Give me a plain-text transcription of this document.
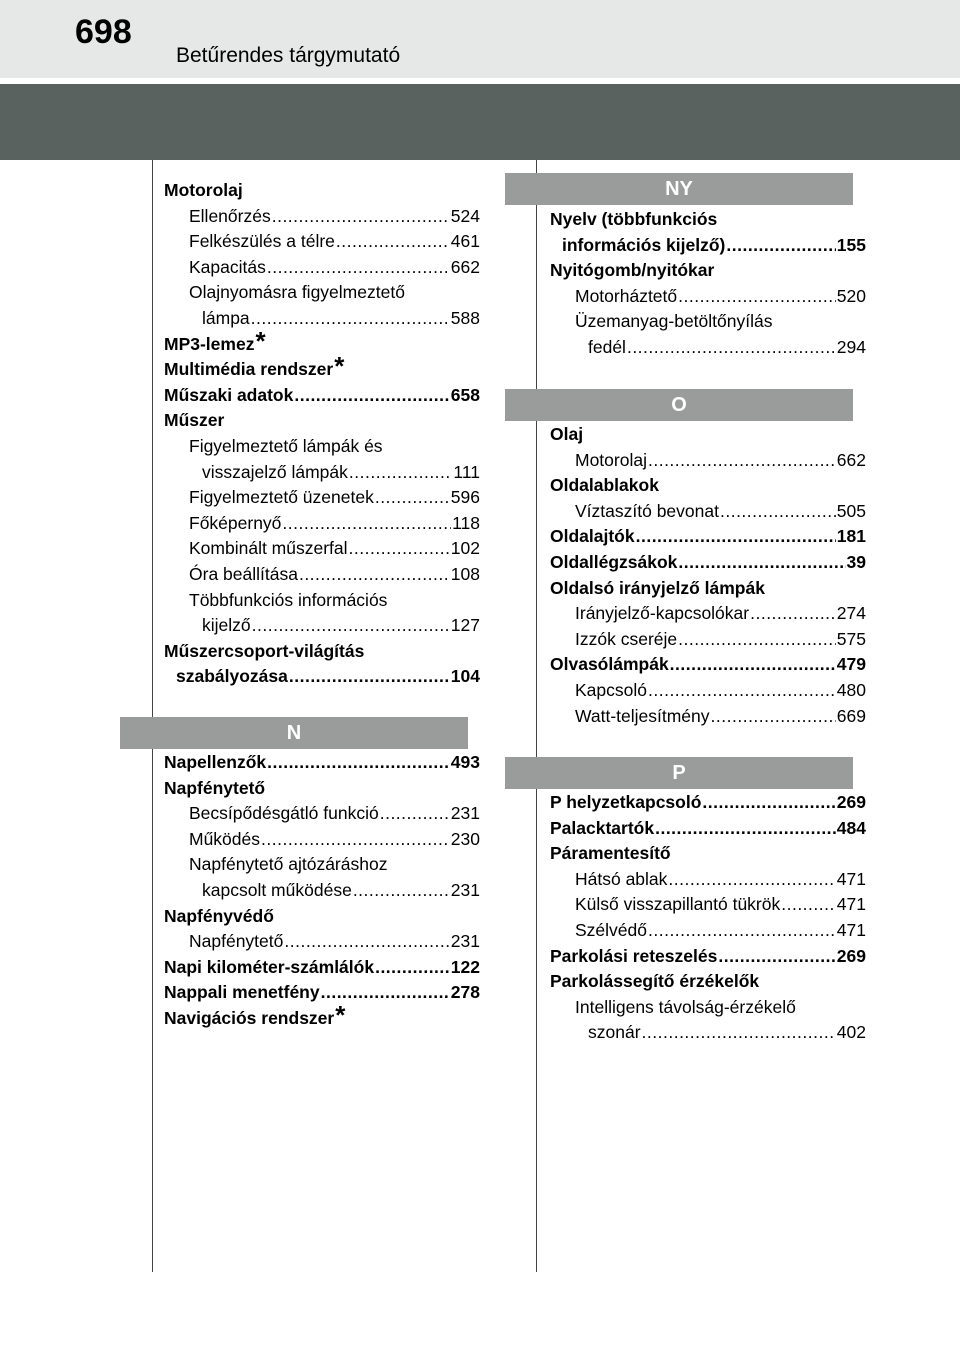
698
Betűrendes tárgymutató
Motorolaj
Ellenőrzés .....	524
Felkészülés a télre .....	461
Kapacitás .....	662
Olajnyomásra figyelmeztető
lámpa .....	588
MP3-lemez *
Multimédia rendszer *
Műszaki adatok .....	658
Műszer
Figyelmeztető lámpák és
visszajelző lámpák .....	111
Figyelmeztető üzenetek .....	596
Főképernyő .....	118
Kombinált műszerfal .....	102
Óra beállítása .....	108
Többfunkciós információs
kijelző .....	127
Műszercsoport-világítás
szabályozása .....	104
N
Napellenzők .....	493
Napfénytető
Becsípődésgátló funkció .....	231
Működés .....	230
Napfénytető ajtózáráshoz
kapcsolt működése .....	231
Napfényvédő
Napfénytető .....	231
Napi kilométer-számlálók .....	122
Nappali menetfény .....	278
Navigációs rendszer *
NY
Nyelv (többfunkciós
információs kijelző) .....	155
Nyitógomb/nyitókar
Motorháztető .....	520
Üzemanyag-betöltőnyílás
fedél .....	294
O
Olaj
Motorolaj .....	662
Oldalablakok
Víztaszító bevonat .....	505
Oldalajtók .....	181
Oldallégzsákok .....	39
Oldalsó irányjelző lámpák
Irányjelző-kapcsolókar .....	274
Izzók cseréje .....	575
Olvasólámpák .....	479
Kapcsoló .....	480
Watt-teljesítmény .....	669
P
P helyzetkapcsoló .....	269
Palacktartók .....	484
Páramentesítő
Hátsó ablak .....	471
Külső visszapillantó tükrök .....	471
Szélvédő .....	471
Parkolási reteszelés .....	269
Parkolássegítő érzékelők
Intelligens távolság-érzékelő
szonár .....	402
